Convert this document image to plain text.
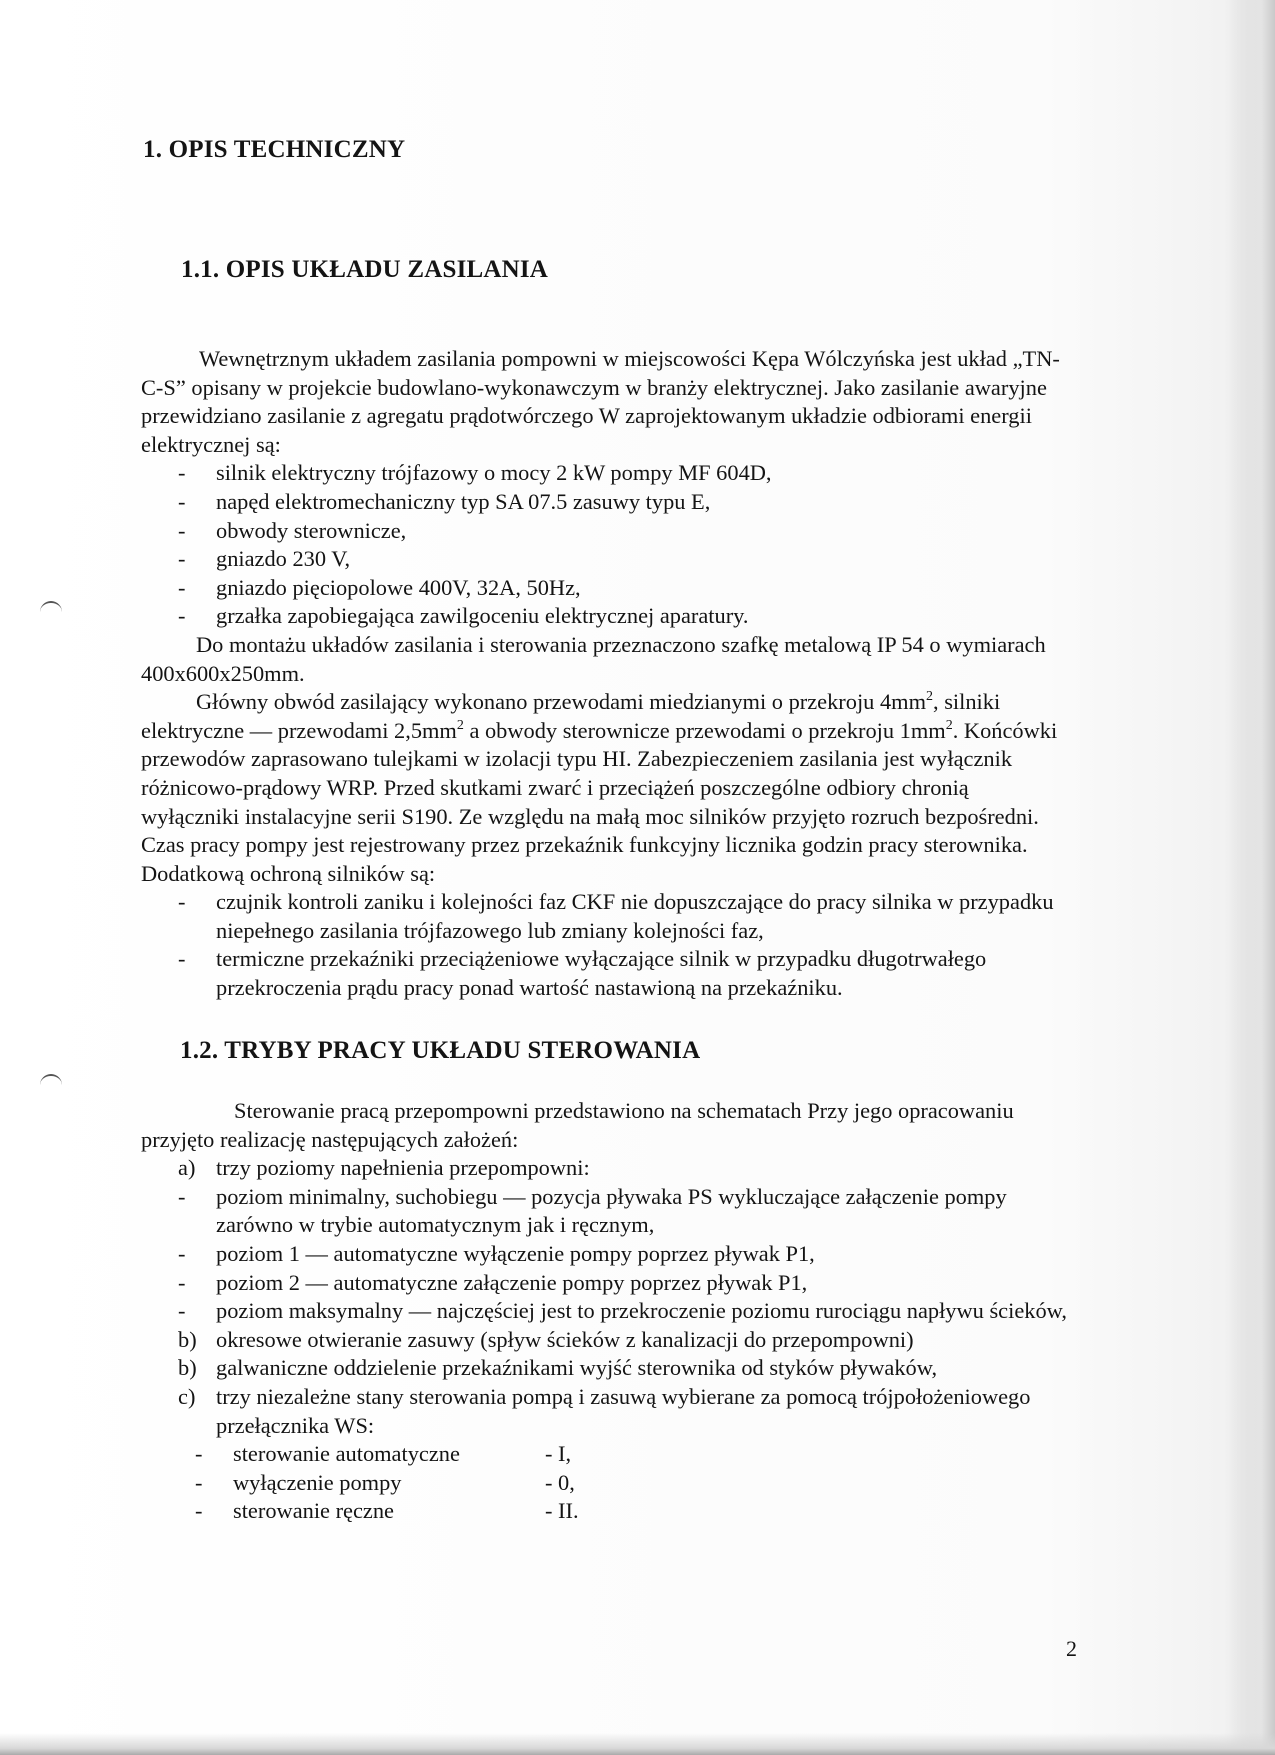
1. OPIS TECHNICZNY
1.1. OPIS UKŁADU ZASILANIA

Wewnętrznym układem zasilania pompowni w miejscowości Kępa Wólczyńska jest układ „TN-C-S” opisany w projekcie budowlano-wykonawczym w branży elektrycznej. Jako zasilanie awaryjne przewidziano zasilanie z agregatu prądotwórczego W zaprojektowanym układzie odbiorami energii elektrycznej są:

- silnik elektryczny trójfazowy o mocy 2 kW pompy MF 604D,
- napęd elektromechaniczny typ SA 07.5 zasuwy typu E,
- obwody sterownicze,
- gniazdo 230 V,
- gniazdo pięciopolowe 400V, 32A, 50Hz,
- grzałka zapobiegająca zawilgoceniu elektrycznej aparatury.

Do montażu układów zasilania i sterowania przeznaczono szafkę metalową IP 54 o wymiarach 400x600x250mm.

Główny obwód zasilający wykonano przewodami miedzianymi o przekroju $4mm^2$, silniki elektryczne — przewodami $2,5mm^2$ a obwody sterownicze przewodami o przekroju $1mm^2$. Końcówki przewodów zaprasowano tulejkami w izolacji typu HI. Zabezpieczeniem zasilania jest wyłącznik różnicowo-prądowy WRP. Przed skutkami zwarć i przeciążeń poszczególne odbiory chronią wyłączniki instalacyjne serii S190. Ze względu na małą moc silników przyjęto rozruch bezpośredni. Czas pracy pompy jest rejestrowany przez przekaźnik funkcyjny licznika godzin pracy sterownika. Dodatkową ochroną silników są:

- czujnik kontroli zaniku i kolejności faz CKF nie dopuszczające do pracy silnika w przypadku niepełnego zasilania trójfazowego lub zmiany kolejności faz,
- termiczne przekaźniki przeciążeniowe wyłączające silnik w przypadku długotrwałego przekroczenia prądu pracy ponad wartość nastawioną na przekaźniku.
1.2. TRYBY PRACY UKŁADU STEROWANIA

Sterowanie pracą przepompowni przedstawiono na schematach Przy jego opracowaniu przyjęto realizację następujących założeń:

a) trzy poziomy napełnienia przepompowni:
- poziom minimalny, suchobiegu — pozycja pływaka PS wykluczające załączenie pompy zarówno w trybie automatycznym jak i ręcznym,
- poziom 1 — automatyczne wyłączenie pompy poprzez pływak P1,
- poziom 2 — automatyczne załączenie pompy poprzez pływak P1,
- poziom maksymalny — najczęściej jest to przekroczenie poziomu rurociągu napływu ścieków,
b) okresowe otwieranie zasuwy (spływ ścieków z kanalizacji do przepompowni)
b) galwaniczne oddzielenie przekaźnikami wyjść sterownika od styków pływaków,
c) trzy niezależne stany sterowania pompą i zasuwą wybierane za pomocą trójpołożeniowego przełącznika WS:
- sterowanie automatyczne	- I,
- wyłączenie pompy	- 0,
- sterowanie ręczne	- II.
2
